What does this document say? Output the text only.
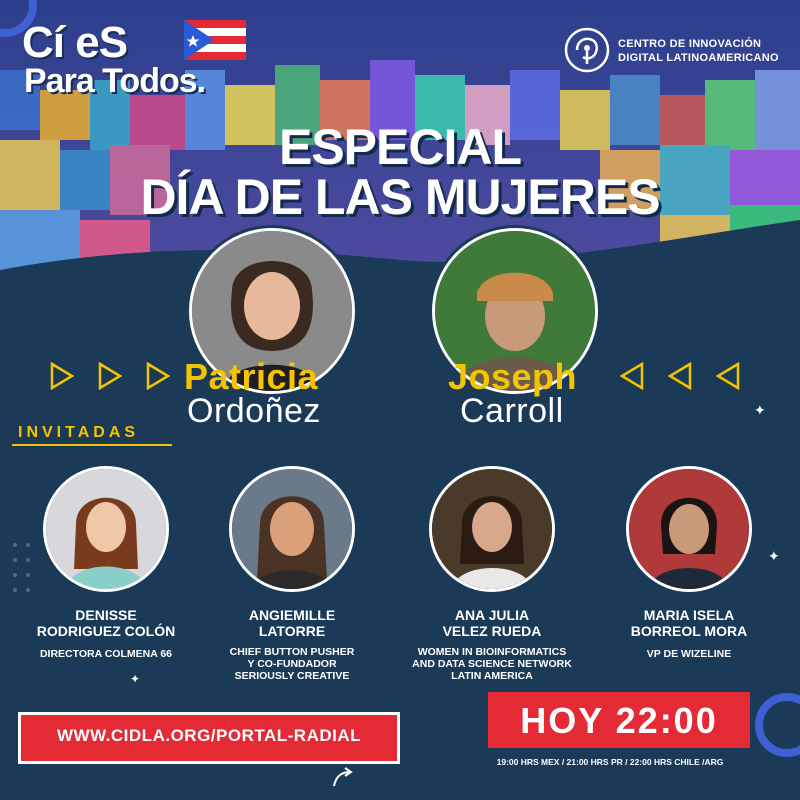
Cí eS
Para Todos.
CENTRO DE INNOVACIÓN
DIGITAL LATINOAMERICANO
ESPECIAL
DÍA DE LAS MUJERES
Patricia
Ordoñez
Joseph
Carroll
INVITADAS
✦
✦
✦
DENISSE
RODRIGUEZ COLÓN
DIRECTORA COLMENA 66
ANGIEMILLE
LATORRE
CHIEF BUTTON PUSHER
Y CO-FUNDADOR
SERIOUSLY CREATIVE
ANA JULIA
VELEZ RUEDA
WOMEN IN BIOINFORMATICS
AND DATA SCIENCE NETWORK
LATIN AMERICA
MARIA ISELA
BORREOL MORA
VP DE WIZELINE
WWW.CIDLA.ORG/PORTAL-RADIAL	HOY 22:00
19:00 HRS MEX / 21:00 HRS PR / 22:00 HRS CHILE /ARG
